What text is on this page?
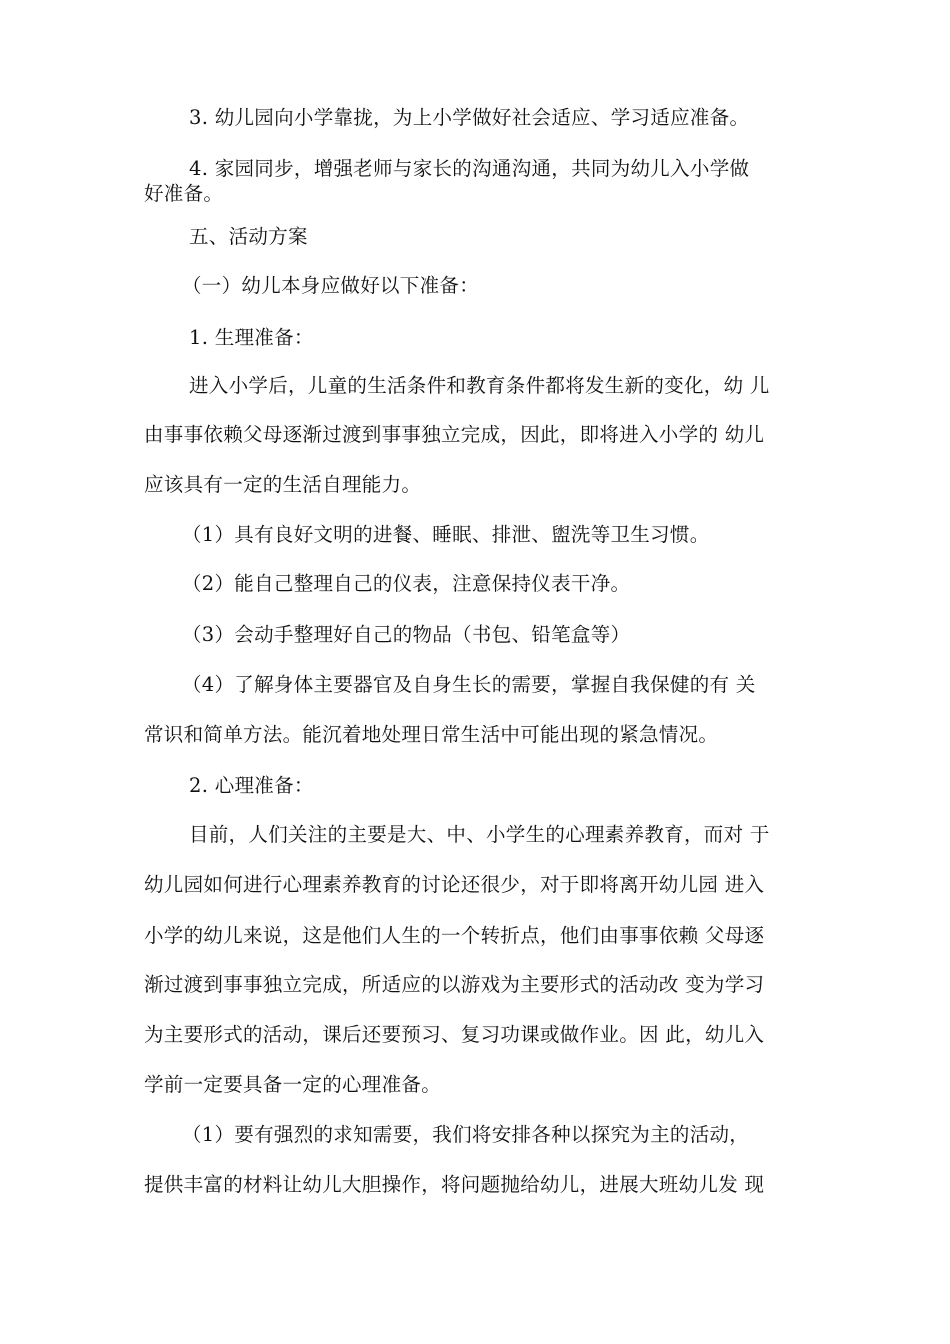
3. 幼儿园向小学靠拢，为上小学做好社会适应、学习适应准备。
4. 家园同步，增强老师与家长的沟通沟通，共同为幼儿入小学做
好准备。
五、活动方案
（一）幼儿本身应做好以下准备：
1. 生理准备：
进入小学后，儿童的生活条件和教育条件都将发生新的变化，幼 儿
由事事依赖父母逐渐过渡到事事独立完成，因此，即将进入小学的 幼儿
应该具有一定的生活自理能力。
（1）具有良好文明的进餐、睡眠、排泄、盥洗等卫生习惯。
（2）能自己整理自己的仪表，注意保持仪表干净。
（3）会动手整理好自己的物品（书包、铅笔盒等）
（4）了解身体主要器官及自身生长的需要，掌握自我保健的有 关
常识和简单方法。能沉着地处理日常生活中可能出现的紧急情况。
2. 心理准备：
目前，人们关注的主要是大、中、小学生的心理素养教育，而对 于
幼儿园如何进行心理素养教育的讨论还很少，对于即将离开幼儿园 进入
小学的幼儿来说，这是他们人生的一个转折点，他们由事事依赖 父母逐
渐过渡到事事独立完成，所适应的以游戏为主要形式的活动改 变为学习
为主要形式的活动，课后还要预习、复习功课或做作业。因 此，幼儿入
学前一定要具备一定的心理准备。
（1）要有强烈的求知需要，我们将安排各种以探究为主的活动，
提供丰富的材料让幼儿大胆操作，将问题抛给幼儿，进展大班幼儿发 现
